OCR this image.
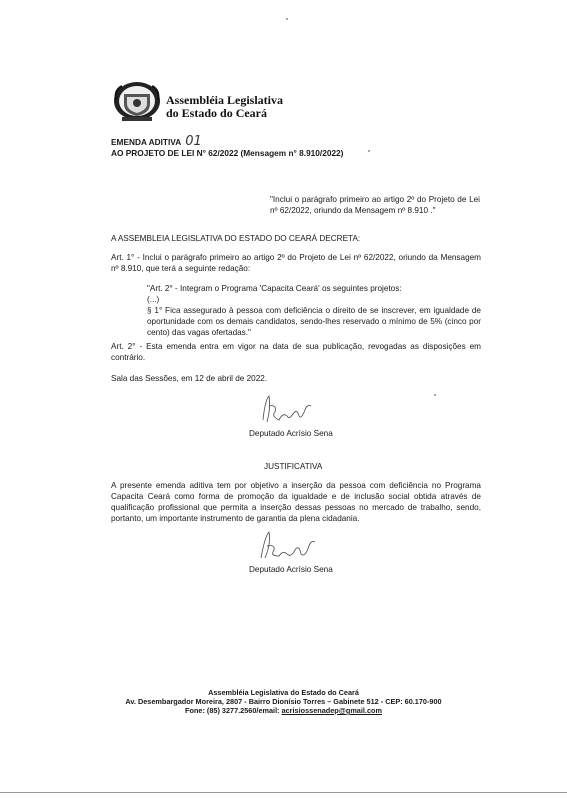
Assembléia Legislativa
do Estado do Ceará
EMENDA ADITIVA 01
AO PROJETO DE LEI N° 62/2022 (Mensagem n° 8.910/2022)
"Inclui o parágrafo primeiro ao artigo 2º do Projeto de Lei nº 62/2022, oriundo da Mensagem nº 8.910 ."
A ASSEMBLEIA LEGISLATIVA DO ESTADO DO CEARÁ DECRETA:
Art. 1° - Inclui o parágrafo primeiro ao artigo 2º do Projeto de Lei nº 62/2022, oriundo da Mensagem nº 8.910, que terá a seguinte redação:
"Art. 2° - Integram o Programa 'Capacita Ceará' os seguintes projetos:
(...)
§ 1° Fica assegurado à pessoa com deficiência o direito de se inscrever, em igualdade de oportunidade com os demais candidatos, sendo-lhes reservado o mínimo de 5% (cinco por cento) das vagas ofertadas."
Art. 2° - Esta emenda entra em vigor na data de sua publicação, revogadas as disposições em contrário.
Sala das Sessões, em 12 de abril de 2022.
Deputado Acrísio Sena
JUSTIFICATIVA
A presente emenda aditiva tem por objetivo a inserção da pessoa com deficiência no Programa Capacita Ceará como forma de promoção da igualdade e de inclusão social obtida através de qualificação profissional que permita a inserção dessas pessoas no mercado de trabalho, sendo, portanto, um importante instrumento de garantia da plena cidadania.
Deputado Acrísio Sena
Assembléia Legislativa do Estado do Ceará
Av. Desembargador Moreira, 2807 - Bairro Dionísio Torres – Gabinete 512 - CEP: 60.170-900
Fone: (85) 3277.2560/email: acrisiossenadep@gmail.com
